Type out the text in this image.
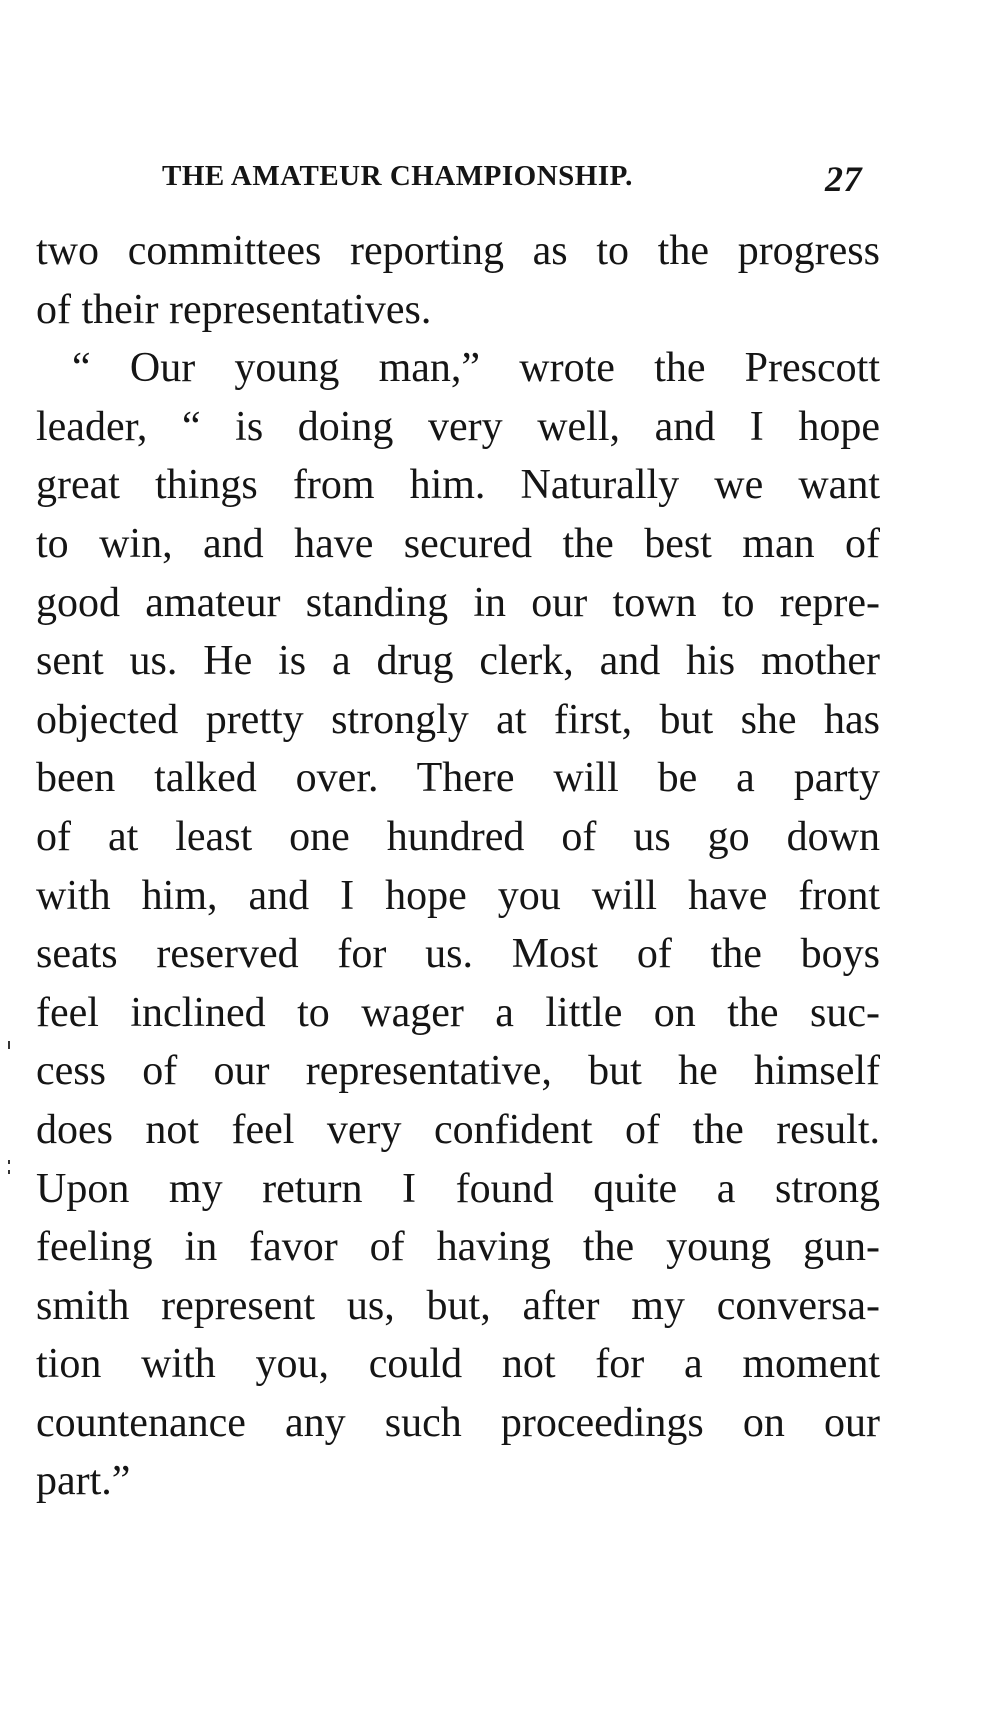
THE AMATEUR CHAMPIONSHIP.	27
two committees reporting as to the progress
of their representatives.
“ Our young man,” wrote the Prescott
leader, “ is doing very well, and I hope
great things from him. Naturally we want
to win, and have secured the best man of
good amateur standing in our town to repre-
sent us. He is a drug clerk, and his mother
objected pretty strongly at first, but she has
been talked over. There will be a party
of at least one hundred of us go down
with him, and I hope you will have front
seats reserved for us. Most of the boys
feel inclined to wager a little on the suc-
cess of our representative, but he himself
does not feel very confident of the result.
Upon my return I found quite a strong
feeling in favor of having the young gun-
smith represent us, but, after my conversa-
tion with you, could not for a moment
countenance any such proceedings on our
part.”
